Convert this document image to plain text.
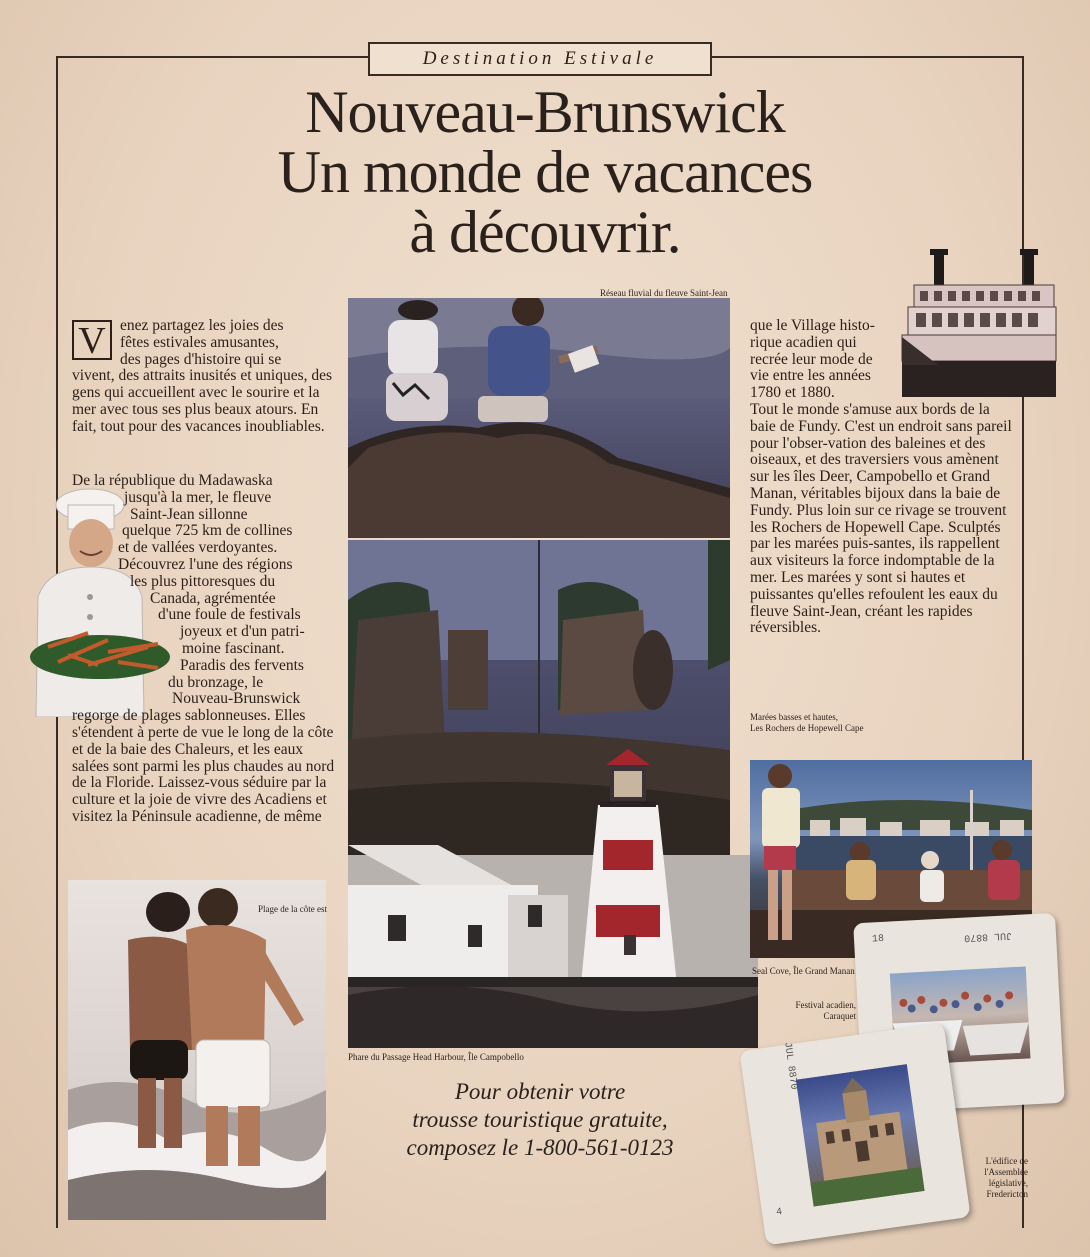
Destination Estivale
Nouveau-Brunswick
Un monde de vacances
à découvrir.
Réseau fluvial du fleuve Saint-Jean
Phare du Passage Head Harbour, Île Campobello
Plage de la côte est
Seal Cove, Île Grand Manan
18	JUL 8870
Festival acadien,
Caraquet
JUL 8870
4
L'édifice de
l'Assemblée
législative,
Fredericton
V enez partagez les joies des
fêtes estivales amusantes,
des pages d'histoire qui se
vivent, des attraits inusités et uniques, des gens qui accueillent avec le sourire et la mer avec tous ses plus beaux atours. En fait, tout pour des vacances inoubliables.
De la république du Madawaska
jusqu'à la mer, le fleuve
Saint-Jean sillonne
quelque 725 km de collines
et de vallées verdoyantes.
Découvrez l'une des régions
les plus pittoresques du
Canada, agrémentée
d'une foule de festivals
joyeux et d'un patri-
moine fascinant.
Paradis des fervents
du bronzage, le
Nouveau-Brunswick
regorge de plages sablonneuses. Elles s'étendent à perte de vue le long de la côte et de la baie des Chaleurs, et les eaux salées sont parmi les plus chaudes au nord de la Floride. Laissez-vous séduire par la culture et la joie de vivre des Acadiens et visitez la Péninsule acadienne, de même
que le Village histo-
rique acadien qui
recrée leur mode de
vie entre les années
1780 et 1880.
Tout le monde s'amuse aux bords de la baie de Fundy. C'est un endroit sans pareil pour l'obser-vation des baleines et des oiseaux, et des traversiers vous amènent sur les îles Deer, Campobello et Grand Manan, véritables bijoux dans la baie de Fundy. Plus loin sur ce rivage se trouvent les Rochers de Hopewell Cape. Sculptés par les marées puis-santes, ils rappellent aux visiteurs la force indomptable de la mer. Les marées y sont si hautes et puissantes qu'elles refoulent les eaux du fleuve Saint-Jean, créant les rapides réversibles.
Marées basses et hautes,
Les Rochers de Hopewell Cape
Pour obtenir votre
trousse touristique gratuite,
composez le 1-800-561-0123
